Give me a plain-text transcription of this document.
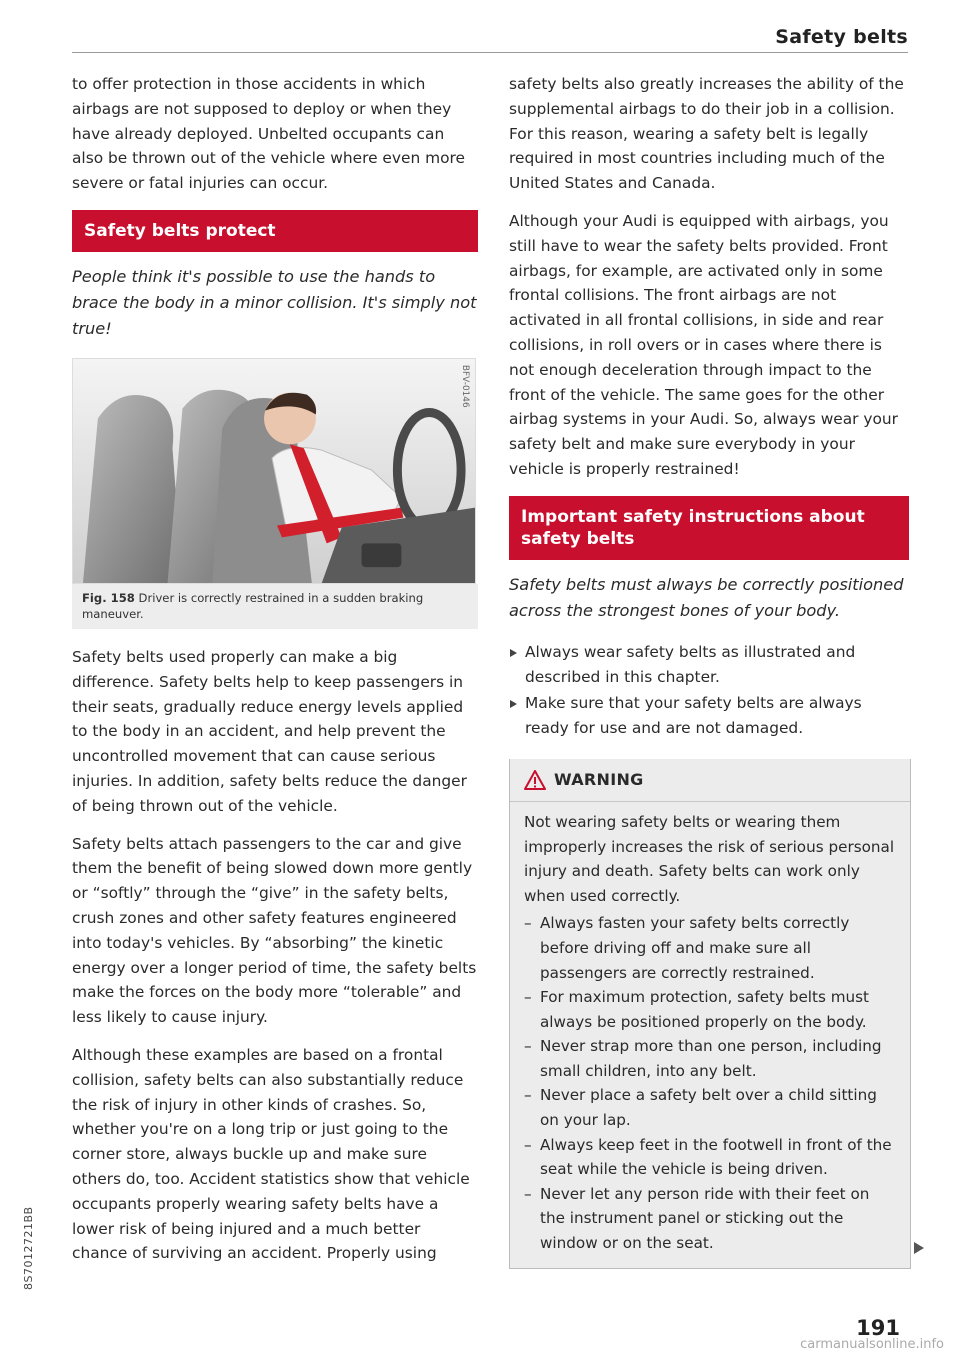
Safety belts

to offer protection in those accidents in which airbags are not supposed to deploy or when they have already deployed. Unbelted occupants can also be thrown out of the vehicle where even more severe or fatal injuries can occur.

Safety belts protect

People think it's possible to use the hands to brace the body in a minor collision. It's simply not true!

BFV-0146
Fig. 158 Driver is correctly restrained in a sudden braking maneuver.

Safety belts used properly can make a big difference. Safety belts help to keep passengers in their seats, gradually reduce energy levels applied to the body in an accident, and help prevent the uncontrolled movement that can cause serious injuries. In addition, safety belts reduce the danger of being thrown out of the vehicle.

Safety belts attach passengers to the car and give them the benefit of being slowed down more gently or “softly” through the “give” in the safety belts, crush zones and other safety features engineered into today's vehicles. By “absorbing” the kinetic energy over a longer period of time, the safety belts make the forces on the body more “tolerable” and less likely to cause injury.

Although these examples are based on a frontal collision, safety belts can also substantially reduce the risk of injury in other kinds of crashes. So, whether you're on a long trip or just going to the corner store, always buckle up and make sure others do, too. Accident statistics show that vehicle occupants properly wearing safety belts have a lower risk of being injured and a much better chance of surviving an accident. Properly using

safety belts also greatly increases the ability of the supplemental airbags to do their job in a collision. For this reason, wearing a safety belt is legally required in most countries including much of the United States and Canada.

Although your Audi is equipped with airbags, you still have to wear the safety belts provided. Front airbags, for example, are activated only in some frontal collisions. The front airbags are not activated in all frontal collisions, in side and rear collisions, in roll overs or in cases where there is not enough deceleration through impact to the front of the vehicle. The same goes for the other airbag systems in your Audi. So, always wear your safety belt and make sure everybody in your vehicle is properly restrained!

Important safety instructions about safety belts

Safety belts must always be correctly positioned across the strongest bones of your body.

Always wear safety belts as illustrated and described in this chapter.
Make sure that your safety belts are always ready for use and are not damaged.
WARNING

Not wearing safety belts or wearing them improperly increases the risk of serious personal injury and death. Safety belts can work only when used correctly.

– Always fasten your safety belts correctly before driving off and make sure all passengers are correctly restrained.
– For maximum protection, safety belts must always be positioned properly on the body.
– Never strap more than one person, including small children, into any belt.
– Never place a safety belt over a child sitting on your lap.
– Always keep feet in the footwell in front of the seat while the vehicle is being driven.
– Never let any person ride with their feet on the instrument panel or sticking out the window or on the seat.
191
8S7012721BB
carmanualsonline.info
